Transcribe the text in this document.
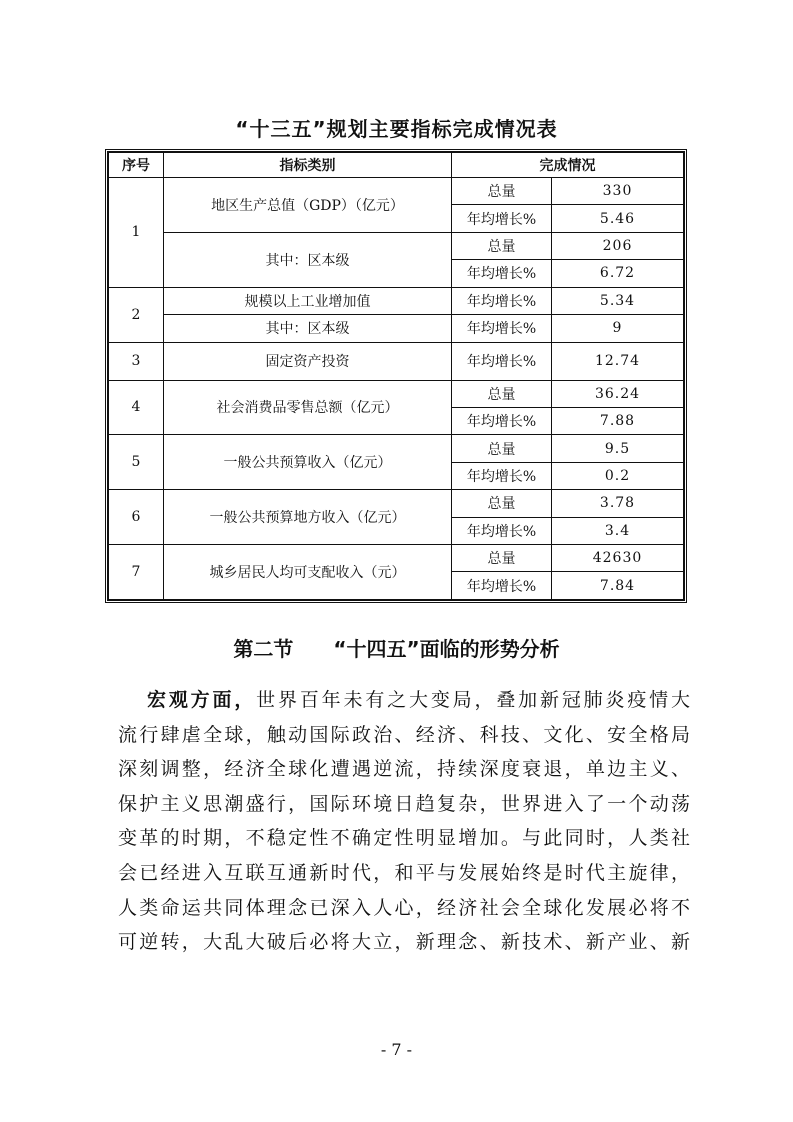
“十三五”规划主要指标完成情况表
序号	指标类别	完成情况	
1	地区生产总值（GDP）（亿元）	总量	330
		年均增长%	5.46
	其中：区本级	总量	206
		年均增长%	6.72
2	规模以上工业增加值	年均增长%	5.34
	其中：区本级	年均增长%	9
3	固定资产投资	年均增长%	12.74
4	社会消费品零售总额（亿元）	总量	36.24
		年均增长%	7.88
5	一般公共预算收入（亿元）	总量	9.5
		年均增长%	0.2
6	一般公共预算地方收入（亿元）	总量	3.78
		年均增长%	3.4
7	城乡居民人均可支配收入（元）	总量	42630
		年均增长%	7.84
第二节 “十四五”面临的形势分析
宏观方面，世界百年未有之大变局，叠加新冠肺炎疫情大
流行肆虐全球，触动国际政治、经济、科技、文化、安全格局
深刻调整，经济全球化遭遇逆流，持续深度衰退，单边主义、
保护主义思潮盛行，国际环境日趋复杂，世界进入了一个动荡
变革的时期，不稳定性不确定性明显增加。与此同时，人类社
会已经进入互联互通新时代，和平与发展始终是时代主旋律，
人类命运共同体理念已深入人心，经济社会全球化发展必将不
可逆转，大乱大破后必将大立，新理念、新技术、新产业、新
- 7 -
